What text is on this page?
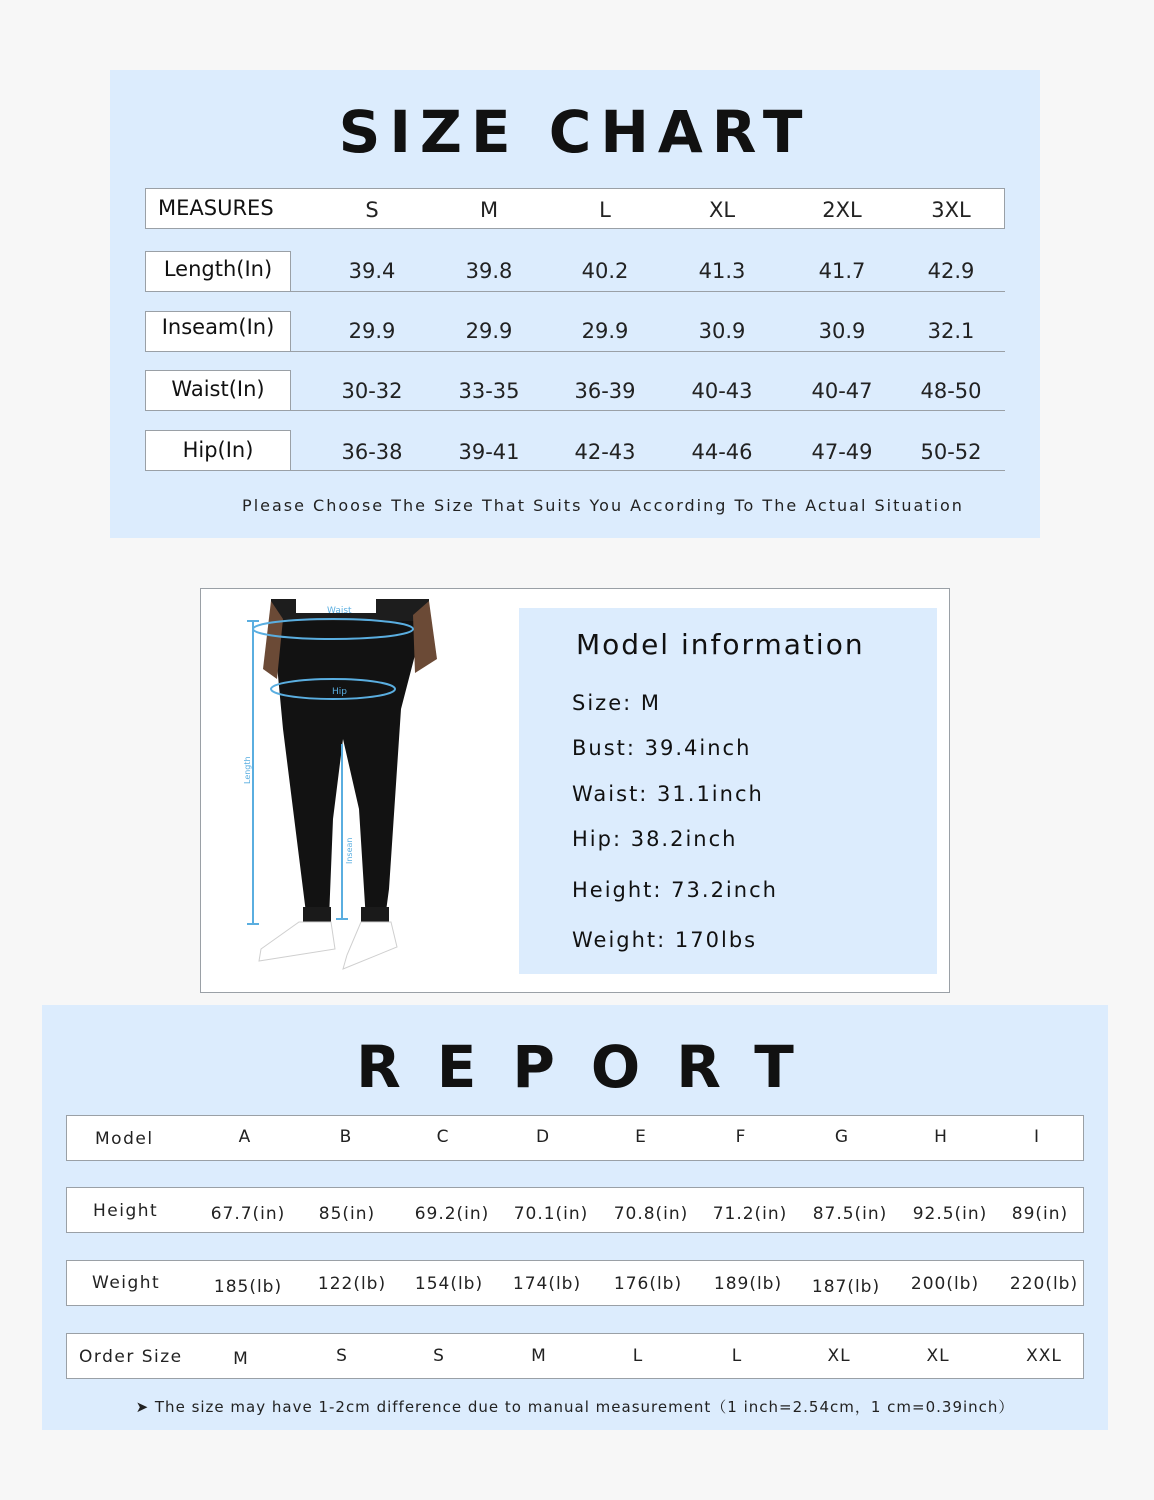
SIZE CHART
MEASURES	S	M	L	XL	2XL	3XL
Length(In)	39.4	39.8	40.2	41.3	41.7	42.9
Inseam(In)	29.9	29.9	29.9	30.9	30.9	32.1
Waist(In)	30-32	33-35	36-39	40-43	40-47	48-50
Hip(In)	36-38	39-41	42-43	44-46	47-49	50-52
Please Choose The Size That Suits You According To The Actual Situation
Waist
Hip
Length
Insean
Model information
Size: M
Bust: 39.4inch
Waist: 31.1inch
Hip: 38.2inch
Height: 73.2inch
Weight: 170lbs
REPORT
Model	A	B	C	D	E	F	G	H	I
Height	67.7(in)	85(in)	69.2(in)	70.1(in)	70.8(in)	71.2(in)	87.5(in)	92.5(in)	89(in)
Weight	185(lb)	122(lb)	154(lb)	174(lb)	176(lb)	189(lb)	187(lb)	200(lb)	220(lb)
Order Size	M	S	S	M	L	L	XL	XL	XXL
➤ The size may have 1-2cm difference due to manual measurement（1 inch=2.54cm，1 cm=0.39inch）
